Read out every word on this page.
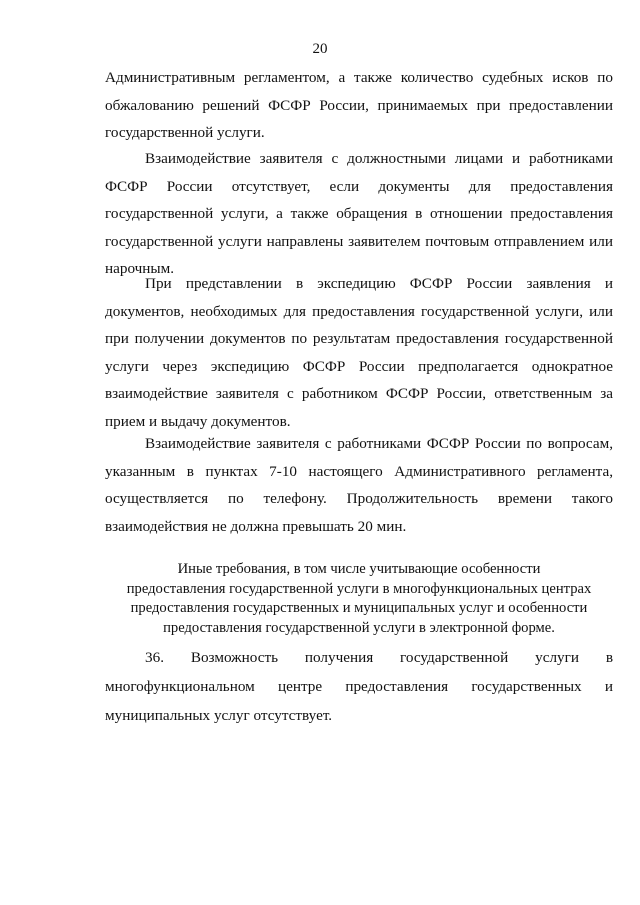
20
Административным регламентом, а также количество судебных исков по
обжалованию решений ФСФР России, принимаемых при предоставлении
государственной услуги.
Взаимодействие заявителя с должностными лицами и работниками
ФСФР России отсутствует, если документы для предоставления
государственной услуги, а также обращения в отношении предоставления
государственной услуги направлены заявителем почтовым отправлением или
нарочным.
При представлении в экспедицию ФСФР России заявления и
документов, необходимых для предоставления государственной услуги, или
при получении документов по результатам предоставления государственной
услуги через экспедицию ФСФР России предполагается однократное
взаимодействие заявителя с работником ФСФР России, ответственным за
прием и выдачу документов.
Взаимодействие заявителя с работниками ФСФР России по вопросам,
указанным в пунктах 7-10 настоящего Административного регламента,
осуществляется по телефону. Продолжительность времени такого
взаимодействия не должна превышать 20 мин.
Иные требования, в том числе учитывающие особенности
предоставления государственной услуги в многофункциональных центрах
предоставления государственных и муниципальных услуг и особенности
предоставления государственной услуги в электронной форме.
36. Возможность получения государственной услуги в
многофункциональном центре предоставления государственных и
муниципальных услуг отсутствует.
